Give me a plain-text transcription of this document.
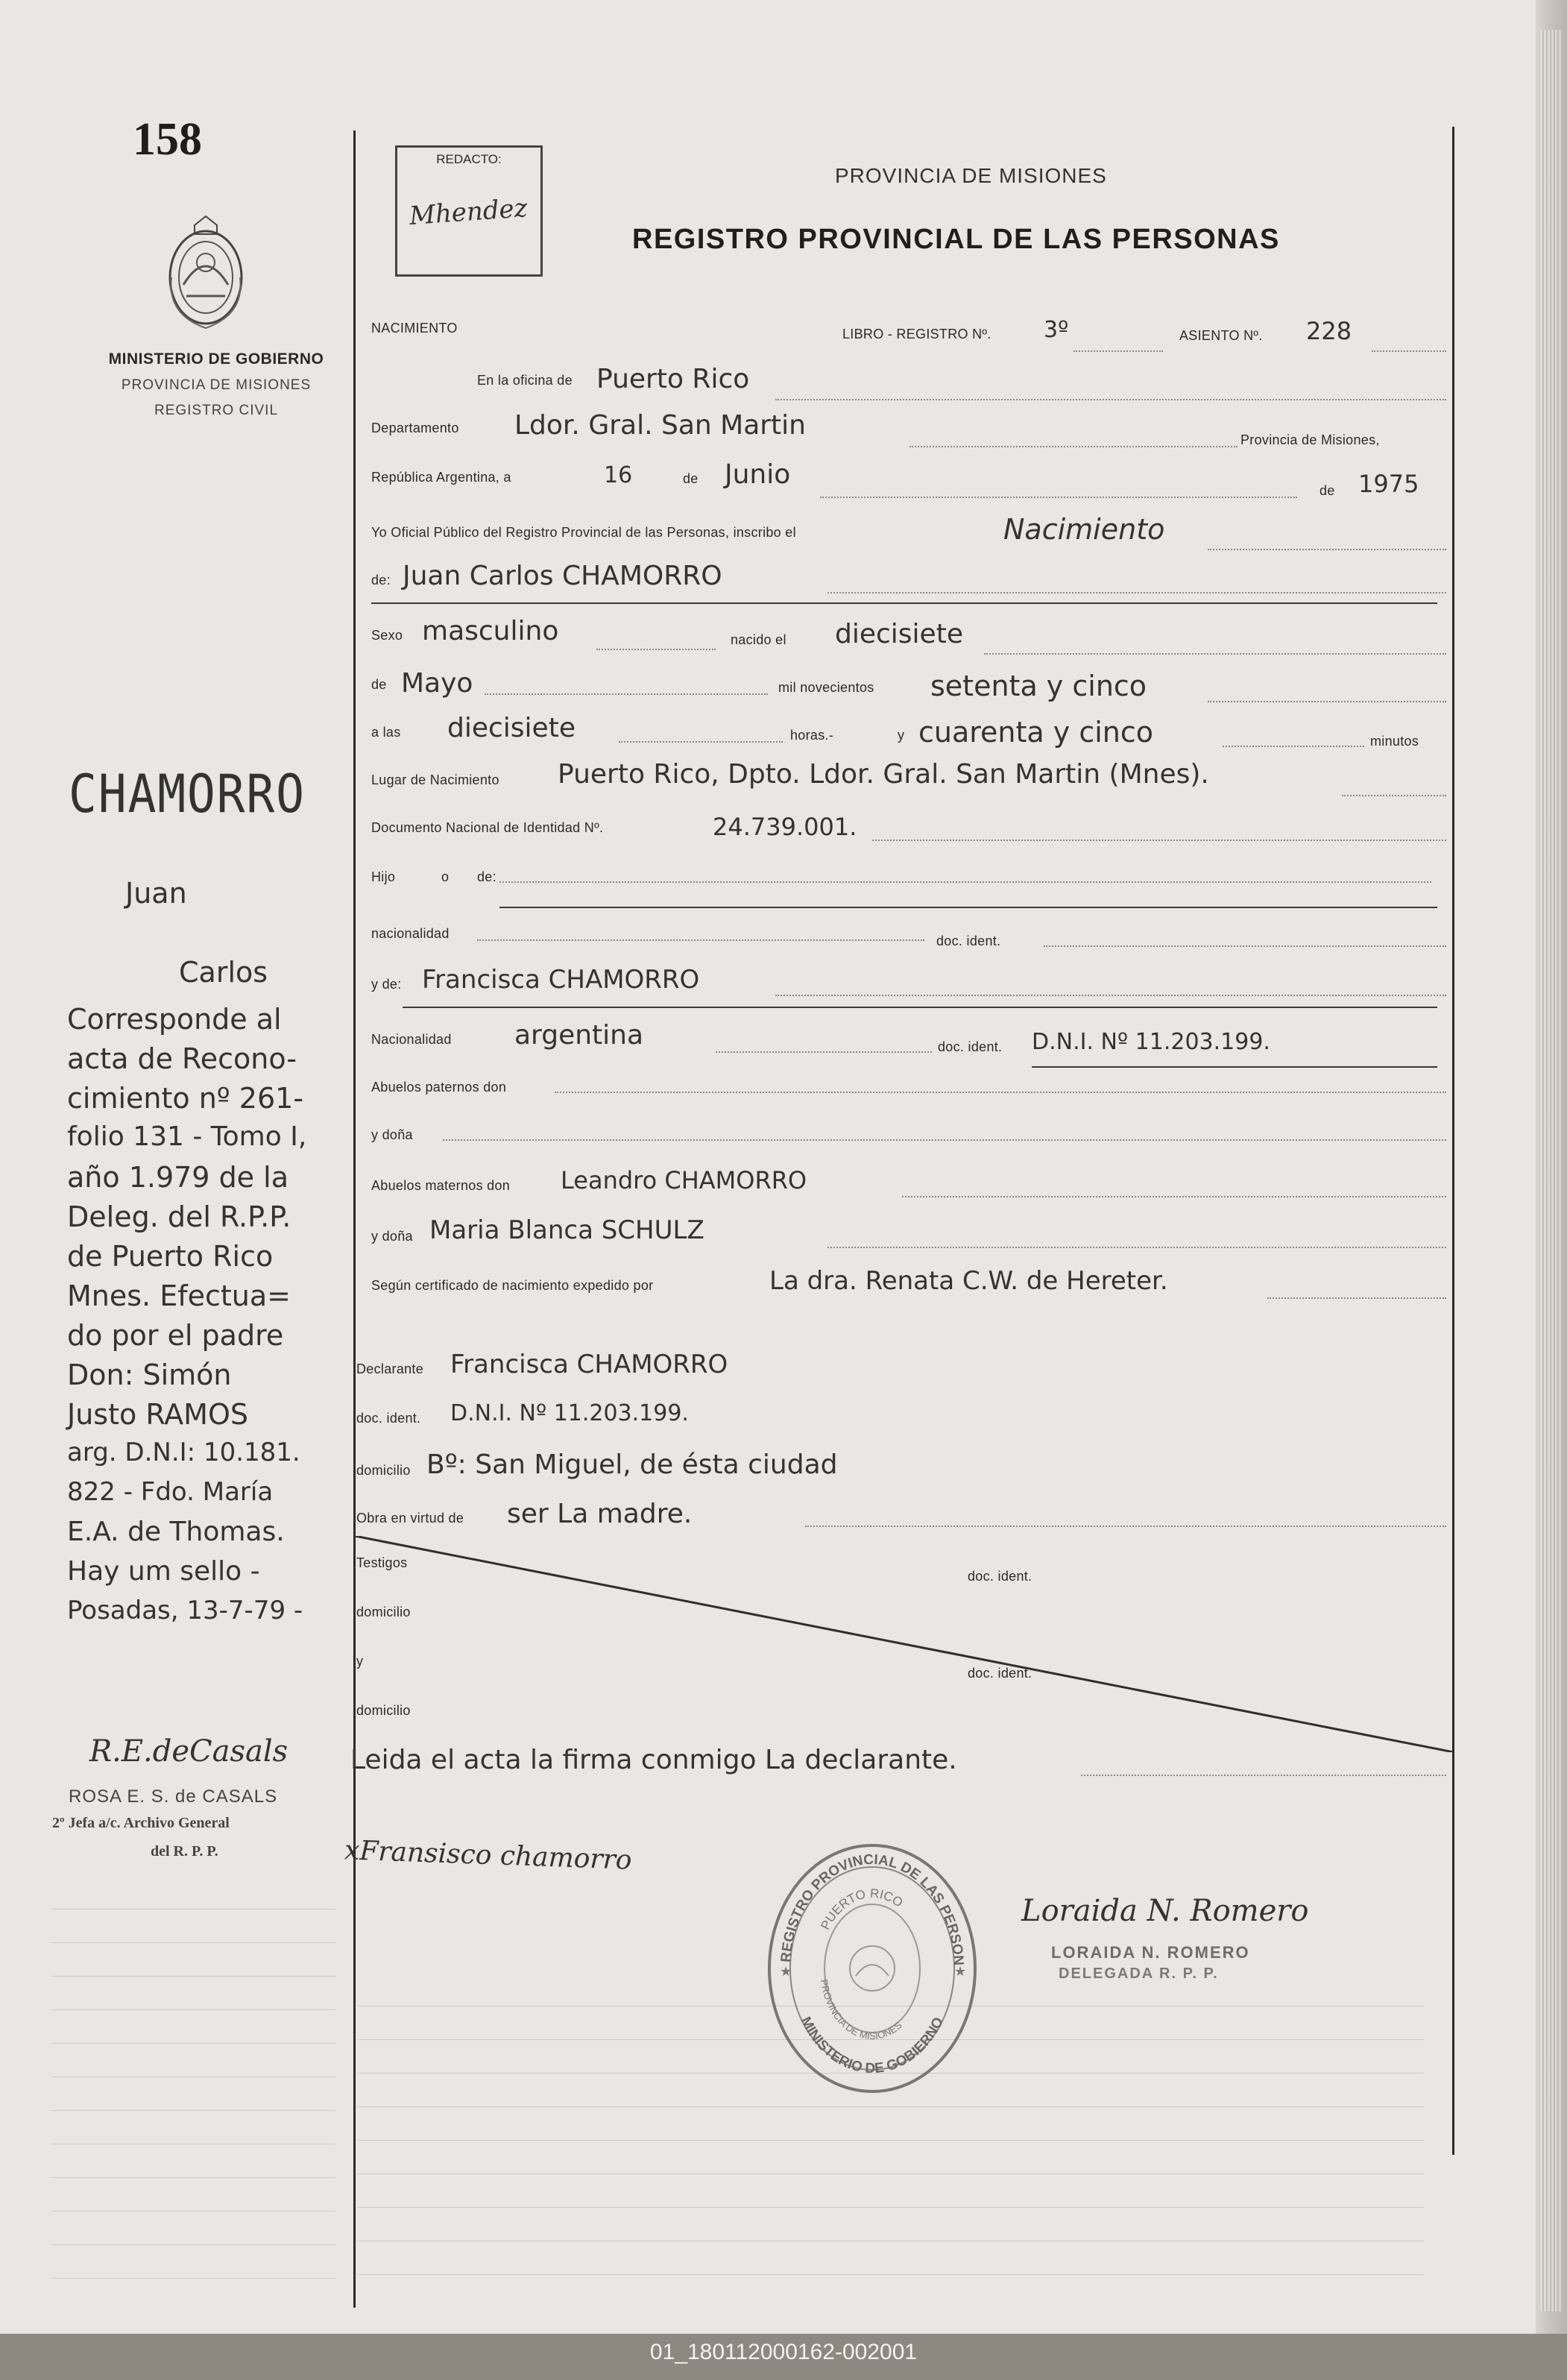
01_180112000162-002001
158
MINISTERIO DE GOBIERNO
PROVINCIA DE MISIONES
REGISTRO CIVIL
REDACTO:
Mhendez
PROVINCIA DE MISIONES
REGISTRO PROVINCIAL DE LAS PERSONAS
NACIMIENTO	LIBRO - REGISTRO Nº. 3º	ASIENTO Nº. 228
En la oficina de Puerto Rico
Departamento Ldor. Gral. San Martin	Provincia de Misiones,
República Argentina, a	16	de Junio
de 1975
Yo Oficial Público del Registro Provincial de las Personas, inscribo el	Nacimiento
de: Juan Carlos CHAMORRO
Sexo masculino	nacido el diecisiete
de Mayo	mil novecientos setenta y cinco
a las diecisiete	horas.-	y cuarenta y cinco	minutos
Lugar de Nacimiento Puerto Rico, Dpto. Ldor. Gral. San Martin (Mnes).
Documento Nacional de Identidad Nº.	24.739.001.
Hijo	o de:
nacionalidad	doc. ident.
y de: Francisca CHAMORRO
Nacionalidad argentina	doc. ident. D.N.I. Nº 11.203.199.
Abuelos paternos don
y doña
Abuelos maternos don Leandro CHAMORRO
y doña Maria Blanca SCHULZ
Según certificado de nacimiento expedido por	La dra. Renata C.W. de Hereter.
Declarante Francisca CHAMORRO
doc. ident. D.N.I. Nº 11.203.199.
domicilio Bº: San Miguel, de ésta ciudad
Obra en virtud de ser La madre.
Testigos
doc. ident.
domicilio
y
doc. ident.
domicilio
Leida el acta la firma conmigo La declarante.
xFransisco chamorro
Loraida N. Romero
LORAIDA N. ROMERO
DELEGADA R. P. P.
REGISTRO PROVINCIAL DE LAS PERSON
MINISTERIO DE GOBIERNO
PUERTO RICO
PROVINCIA DE MISIONES
★	★
CHAMORRO
Juan
Carlos
Corresponde al
acta de Recono-
cimiento nº 261-
folio 131 - Tomo I,
año 1.979 de la
Deleg. del R.P.P.
de Puerto Rico
Mnes. Efectua=
do por el padre
Don: Simón
Justo RAMOS
arg. D.N.I: 10.181.
822 - Fdo. María
E.A. de Thomas.
Hay um sello -
Posadas, 13-7-79 -
R.E.deCasals
ROSA E. S. de CASALS
2º Jefa a/c. Archivo General
del R. P. P.
